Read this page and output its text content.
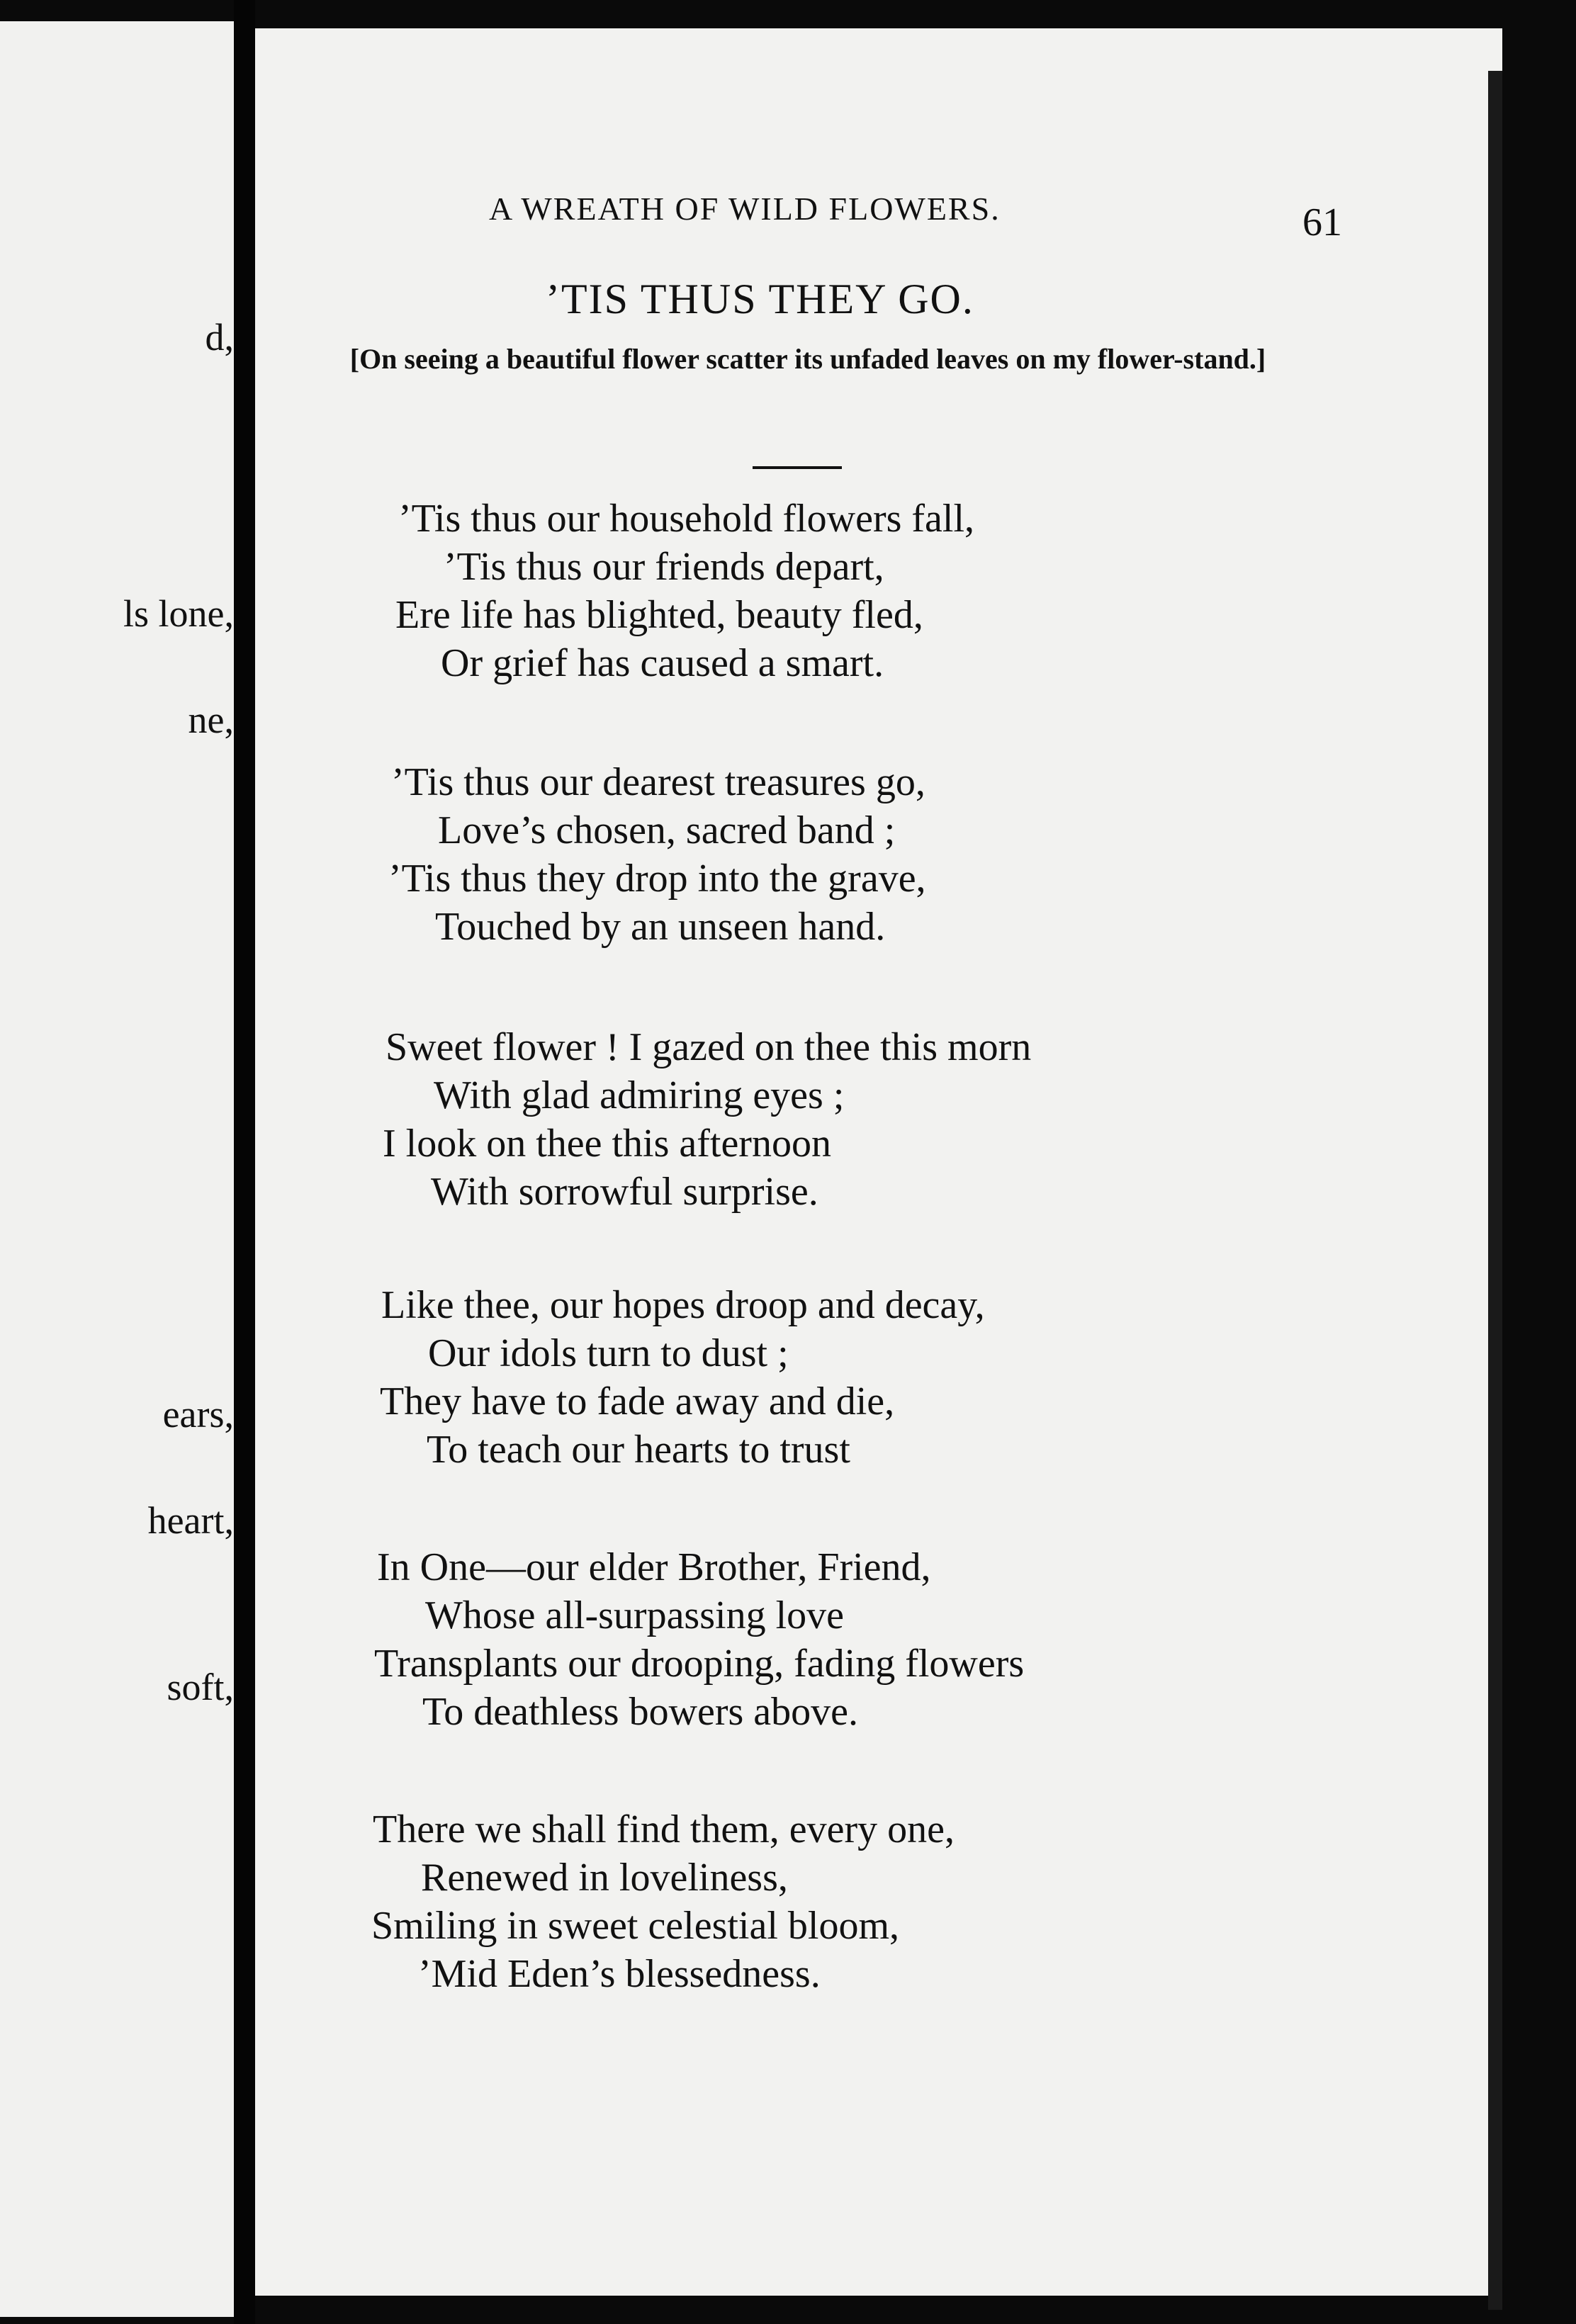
d,
ls lone,
ne,
ears,
heart,
soft,
A WREATH OF WILD FLOWERS.	61
’TIS THUS THEY GO.
[On seeing a beautiful flower scatter its unfaded leaves on my flower-stand.]
’Tis thus our household flowers fall,
’Tis thus our friends depart,
Ere life has blighted, beauty fled,
Or grief has caused a smart.
’Tis thus our dearest treasures go,
Love’s chosen, sacred band ;
’Tis thus they drop into the grave,
Touched by an unseen hand.
Sweet flower ! I gazed on thee this morn
With glad admiring eyes ;
I look on thee this afternoon
With sorrowful surprise.
Like thee, our hopes droop and decay,
Our idols turn to dust ;
They have to fade away and die,
To teach our hearts to trust
In One—our elder Brother, Friend,
Whose all-surpassing love
Transplants our drooping, fading flowers
To deathless bowers above.
There we shall find them, every one,
Renewed in loveliness,
Smiling in sweet celestial bloom,
’Mid Eden’s blessedness.
